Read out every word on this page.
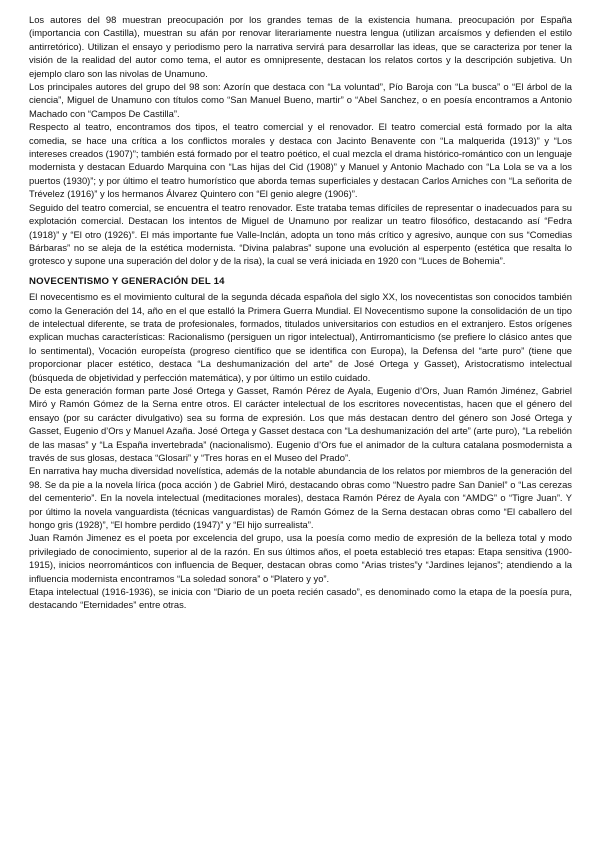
Los autores del 98 muestran preocupación por los grandes temas de la existencia humana. preocupación por España (importancia con Castilla), muestran su afán por renovar literariamente nuestra lengua (utilizan arcaísmos y defienden el estilo antirretórico). Utilizan el ensayo y periodismo pero la narrativa servirá para desarrollar las ideas, que se caracteriza por tener la visión de la realidad del autor como tema, el autor es omnipresente, destacan los relatos cortos y la descripción subjetiva. Un ejemplo claro son las nivolas de Unamuno.

Los principales autores del grupo del 98 son: Azorín que destaca con “La voluntad”, Pío Baroja con “La busca” o “El árbol de la ciencia”, Miguel de Unamuno con títulos como “San Manuel Bueno, martir” o “Abel Sanchez, o en poesía encontramos a Antonio Machado con “Campos De Castilla”.

Respecto al teatro, encontramos dos tipos, el teatro comercial y el renovador. El teatro comercial está formado por la alta comedia, se hace una crítica a los conflictos morales y destaca con Jacinto Benavente con “La malquerida (1913)” y “Los intereses creados (1907)”; también está formado por el teatro poético, el cual mezcla el drama histórico-romántico con un lenguaje modernista y destacan Eduardo Marquina con “Las hijas del Cid (1908)” y Manuel y Antonio Machado con “La Lola se va a los puertos (1930)”; y por último el teatro humorístico que aborda temas superficiales y destacan Carlos Arniches con “La señorita de Trévelez (1916)” y los hermanos Álvarez Quintero con “El genio alegre (1906)”.

Seguido del teatro comercial, se encuentra el teatro renovador. Este trataba temas difíciles de representar o inadecuados para su explotación comercial. Destacan los intentos de Miguel de Unamuno por realizar un teatro filosófico, destacando así “Fedra (1918)” y “El otro (1926)”. El más importante fue Valle-Inclán, adopta un tono más crítico y agresivo, aunque con sus “Comedias Bárbaras” no se aleja de la estética modernista. “Divina palabras” supone una evolución al esperpento (estética que resalta lo grotesco y supone una superación del dolor y de la risa), la cual se verá iniciada en 1920 con “Luces de Bohemia”.

NOVECENTISMO Y GENERACIÓN DEL 14

El novecentismo es el movimiento cultural de la segunda década española del siglo XX, los novecentistas son conocidos también como la Generación del 14, año en el que estalló la Primera Guerra Mundial. El Novecentismo supone la consolidación de un tipo de intelectual diferente, se trata de profesionales, formados, titulados universitarios con estudios en el extranjero. Estos orígenes explican muchas características: Racionalismo (persiguen un rigor intelectual), Antirromanticismo (se prefiere lo clásico antes que lo sentimental), Vocación europeísta (progreso científico que se identifica con Europa), la Defensa del “arte puro” (tiene que proporcionar placer estético, destaca “La deshumanización del arte” de José Ortega y Gasset), Aristocratismo intelectual (búsqueda de objetividad y perfección matemática), y por último un estilo cuidado.

De esta generación forman parte José Ortega y Gasset, Ramón Pérez de Ayala, Eugenio d’Ors, Juan Ramón Jiménez, Gabriel Miró y Ramón Gómez de la Serna entre otros. El carácter intelectual de los escritores novecentistas, hacen que el género del ensayo (por su carácter divulgativo) sea su forma de expresión. Los que más destacan dentro del género son José Ortega y Gasset, Eugenio d’Ors y Manuel Azaña. José Ortega y Gasset destaca con “La deshumanización del arte” (arte puro), “La rebelión de las masas” y “La España invertebrada” (nacionalismo). Eugenio d’Ors fue el animador de la cultura catalana posmodernista a través de sus glosas, destaca “Glosari” y “Tres horas en el Museo del Prado”.

En narrativa hay mucha diversidad novelística, además de la notable abundancia de los relatos por miembros de la generación del 98. Se da pie a la novela lírica (poca acción ) de Gabriel Miró, destacando obras como “Nuestro padre San Daniel” o “Las cerezas del cementerio”. En la novela intelectual (meditaciones morales), destaca Ramón Pérez de Ayala con “AMDG” o “Tigre Juan”. Y por último la novela vanguardista (técnicas vanguardistas) de Ramón Gómez de la Serna destacan obras como “El caballero del hongo gris (1928)”, “El hombre perdido (1947)” y “El hijo surrealista”.

Juan Ramón Jimenez es el poeta por excelencia del grupo, usa la poesía como medio de expresión de la belleza total y modo privilegiado de conocimiento, superior al de la razón. En sus últimos años, el poeta estableció tres etapas: Etapa sensitiva (1900-1915), inicios neorrománticos con influencia de Bequer, destacan obras como “Arias tristes”y “Jardines lejanos”; atendiendo a la influencia modernista encontramos “La soledad sonora” o “Platero y yo”.

Etapa intelectual (1916-1936), se inicia con “Diario de un poeta recién casado”, es denominado como la etapa de la poesía pura, destacando “Eternidades” entre otras.
